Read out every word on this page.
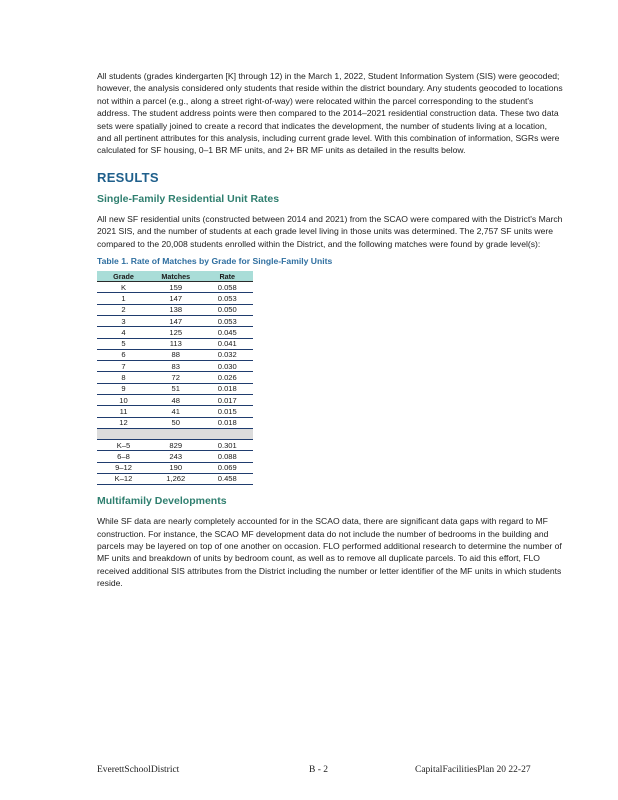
All students (grades kindergarten [K] through 12) in the March 1, 2022, Student Information System (SIS) were geocoded; however, the analysis considered only students that reside within the district boundary. Any students geocoded to locations not within a parcel (e.g., along a street right-of-way) were relocated within the parcel corresponding to the student's address. The student address points were then compared to the 2014–2021 residential construction data. These two data sets were spatially joined to create a record that indicates the development, the number of students living at a location, and all pertinent attributes for this analysis, including current grade level. With this combination of information, SGRs were calculated for SF housing, 0–1 BR MF units, and 2+ BR MF units as detailed in the results below.

RESULTS
Single-Family Residential Unit Rates

All new SF residential units (constructed between 2014 and 2021) from the SCAO were compared with the District's March 2021 SIS, and the number of students at each grade level living in those units was determined. The 2,757 SF units were compared to the 20,008 students enrolled within the District, and the following matches were found by grade level(s):

Table 1. Rate of Matches by Grade for Single-Family Units
Grade	Matches	Rate
K	159	0.058
1	147	0.053
2	138	0.050
3	147	0.053
4	125	0.045
5	113	0.041
6	88	0.032
7	83	0.030
8	72	0.026
9	51	0.018
10	48	0.017
11	41	0.015
12	50	0.018

K–5	829	0.301
6–8	243	0.088
9–12	190	0.069
K–12	1,262	0.458
Multifamily Developments

While SF data are nearly completely accounted for in the SCAO data, there are significant data gaps with regard to MF construction. For instance, the SCAO MF development data do not include the number of bedrooms in the building and parcels may be layered on top of one another on occasion. FLO performed additional research to determine the number of MF units and breakdown of units by bedroom count, as well as to remove all duplicate parcels. To aid this effort, FLO received additional SIS attributes from the District including the number or letter identifier of the MF units in which students reside.

EverettSchoolDistrict	B - 2	CapitalFacilitiesPlan 20 22-27
